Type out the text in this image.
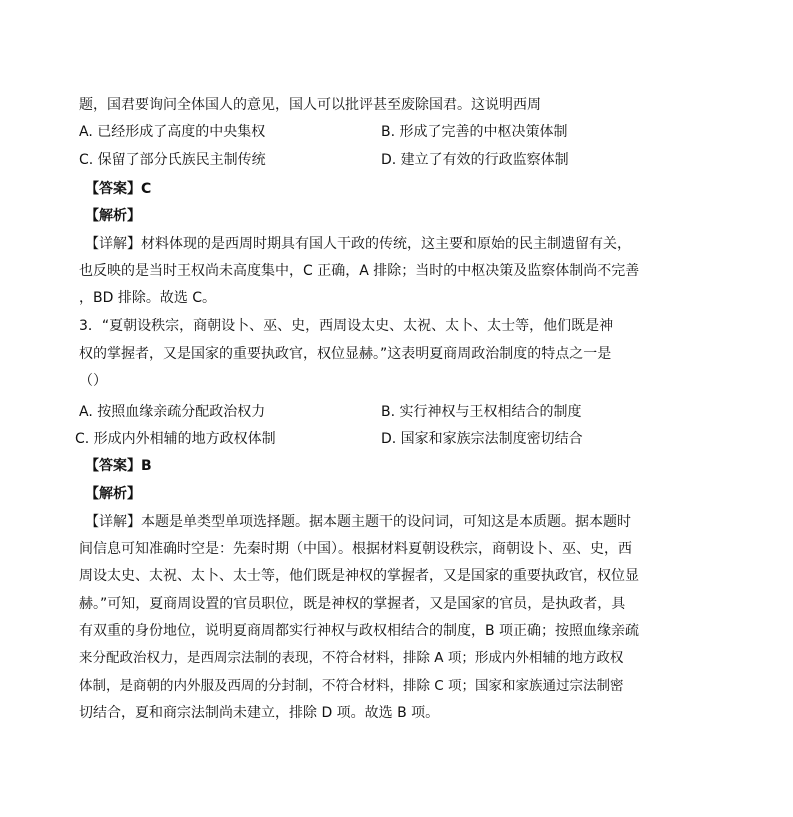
题，国君要询问全体国人的意见，国人可以批评甚至废除国君。这说明西周
A. 已经形成了高度的中央集权	B. 形成了完善的中枢决策体制
C. 保留了部分氏族民主制传统	D. 建立了有效的行政监察体制
【答案】C
【解析】
【详解】材料体现的是西周时期具有国人干政的传统，这主要和原始的民主制遗留有关，
也反映的是当时王权尚未高度集中，C 正确，A 排除；当时的中枢决策及监察体制尚不完善
，BD 排除。故选 C。
3．“夏朝设秩宗，商朝设卜、巫、史，西周设太史、太祝、太卜、太士等，他们既是神
权的掌握者，又是国家的重要执政官，权位显赫。”这表明夏商周政治制度的特点之一是
（）
A. 按照血缘亲疏分配政治权力	B. 实行神权与王权相结合的制度
C. 形成内外相辅的地方政权体制	D. 国家和家族宗法制度密切结合
【答案】B
【解析】
【详解】本题是单类型单项选择题。据本题主题干的设问词，可知这是本质题。据本题时
间信息可知准确时空是：先秦时期（中国）。根据材料夏朝设秩宗，商朝设卜、巫、史，西
周设太史、太祝、太卜、太士等，他们既是神权的掌握者，又是国家的重要执政官，权位显
赫。”可知，夏商周设置的官员职位，既是神权的掌握者，又是国家的官员，是执政者，具
有双重的身份地位，说明夏商周都实行神权与政权相结合的制度，B 项正确；按照血缘亲疏
来分配政治权力，是西周宗法制的表现，不符合材料，排除 A 项；形成内外相辅的地方政权
体制，是商朝的内外服及西周的分封制，不符合材料，排除 C 项；国家和家族通过宗法制密
切结合，夏和商宗法制尚未建立，排除 D 项。故选 B 项。
